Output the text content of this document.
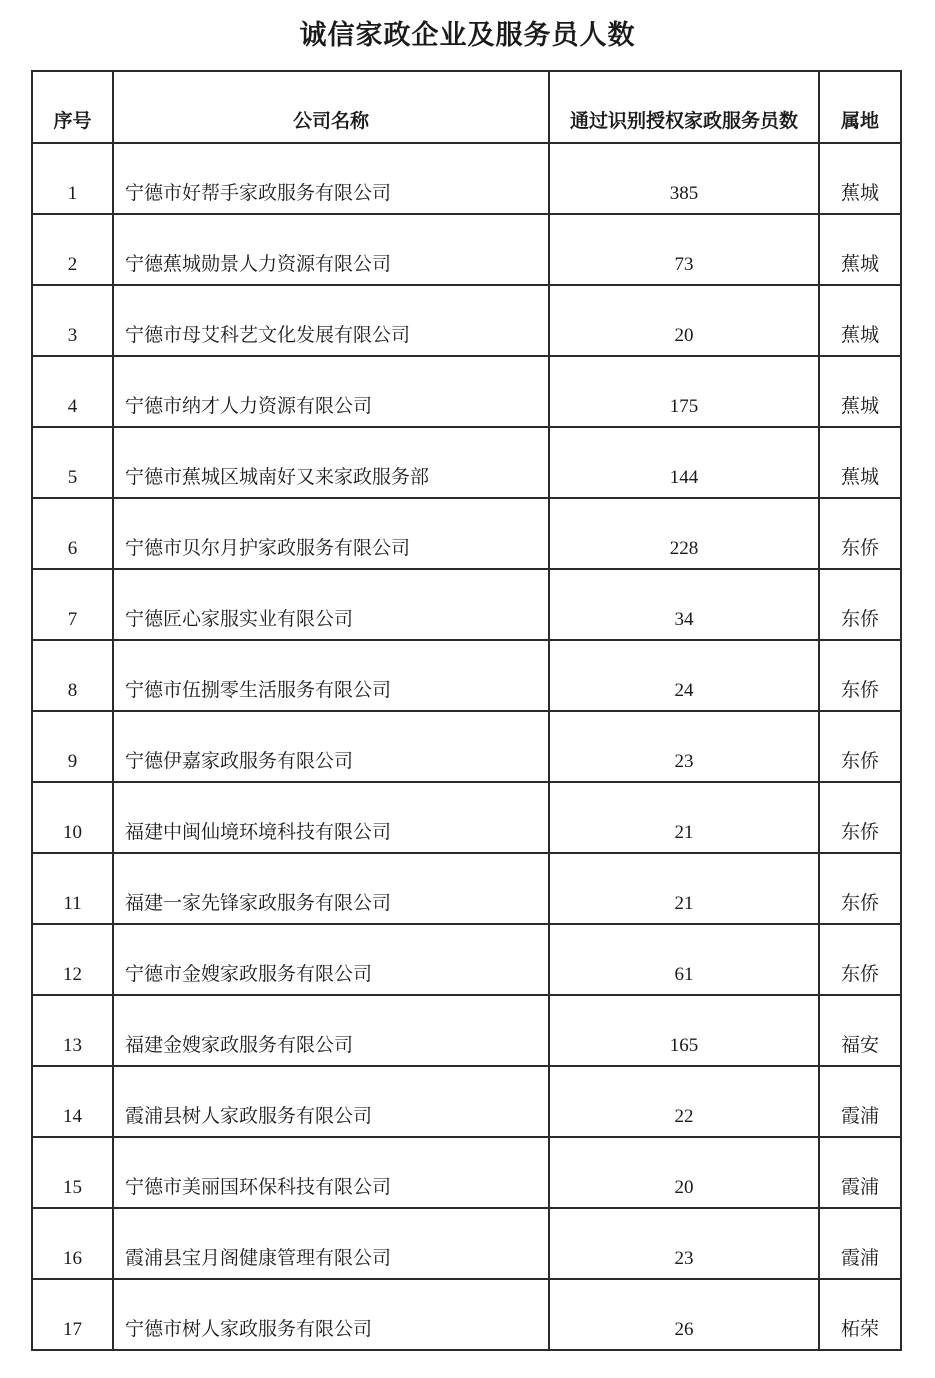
诚信家政企业及服务员人数
序号	公司名称	通过识别授权家政服务员数	属地
1	宁德市好帮手家政服务有限公司	385	蕉城
2	宁德蕉城勋景人力资源有限公司	73	蕉城
3	宁德市母艾科艺文化发展有限公司	20	蕉城
4	宁德市纳才人力资源有限公司	175	蕉城
5	宁德市蕉城区城南好又来家政服务部	144	蕉城
6	宁德市贝尔月护家政服务有限公司	228	东侨
7	宁德匠心家服实业有限公司	34	东侨
8	宁德市伍捌零生活服务有限公司	24	东侨
9	宁德伊嘉家政服务有限公司	23	东侨
10	福建中闽仙境环境科技有限公司	21	东侨
11	福建一家先锋家政服务有限公司	21	东侨
12	宁德市金嫂家政服务有限公司	61	东侨
13	福建金嫂家政服务有限公司	165	福安
14	霞浦县树人家政服务有限公司	22	霞浦
15	宁德市美丽国环保科技有限公司	20	霞浦
16	霞浦县宝月阁健康管理有限公司	23	霞浦
17	宁德市树人家政服务有限公司	26	柘荣
